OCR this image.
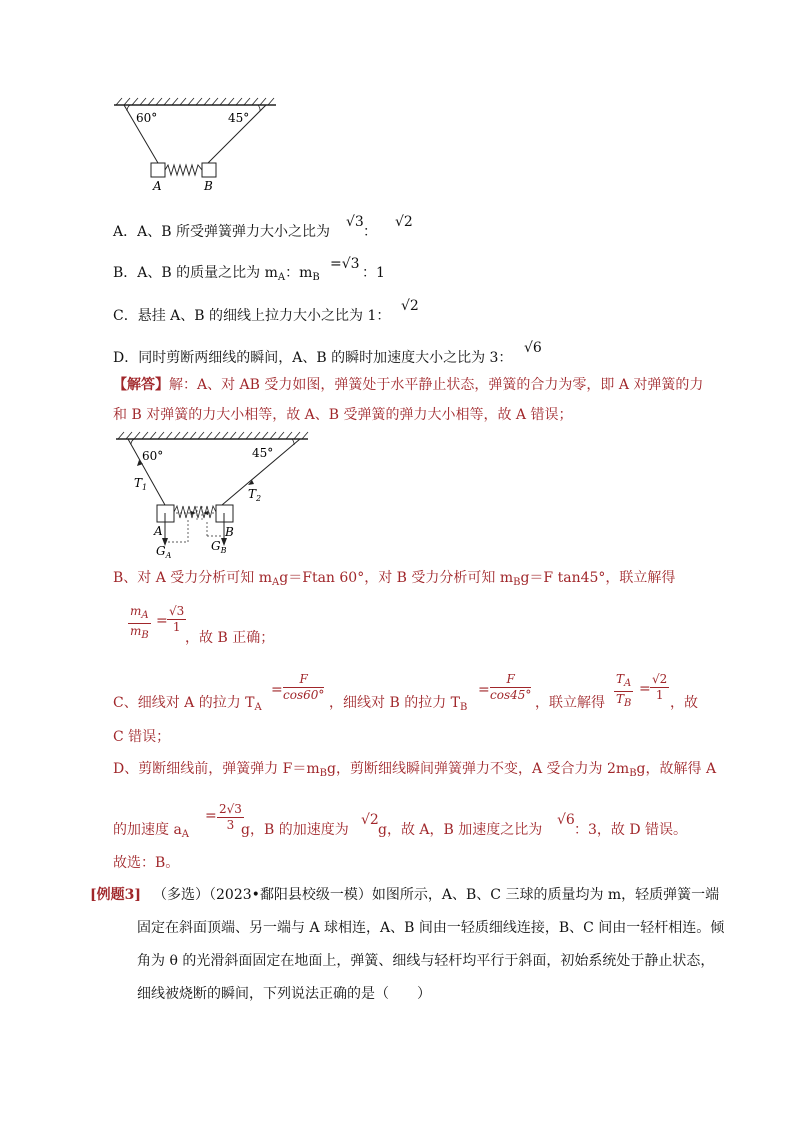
60°	45°
A	B
A．A、B 所受弹簧弹力大小之比为
√3
：
√2
B．A、B 的质量之比为 $m_A$：$m_B$
=√3
：1
C．悬挂 A、B 的细线上拉力大小之比为 1：
√2
D．同时剪断两细线的瞬间，A、B 的瞬时加速度大小之比为 3：
√6
【解答】解：A、对 AB 受力如图，弹簧处于水平静止状态，弹簧的合力为零，即 A 对弹簧的力
和 B 对弹簧的力大小相等，故 A、B 受弹簧的弹力大小相等，故 A 错误；
60°	45°
$T_1$	$T_2$
A	B
$G_A$
$G_B$
B、对 A 受力分析可知 $m_Ag=Ftan$ 60°，对 B 受力分析可知 $m_Bg=F$ tan45°，联立解得
$\frac{m_A}{m_B} = \frac{√3}{1}$
，故 B 正确；
C、细线对 A 的拉力 $T_A$
= $\frac{F}{\cos 60^\circ}$ ，细线对 B 的拉力 $T_B$
= $\frac{F}{\cos 45^\circ}$ ，联立解得 $\frac{T_A}{T_B} = \frac{√2}{1}$ ，故
C 错误；
D、剪断细线前，弹簧弹力 $F=m_Bg$，剪断细线瞬间弹簧弹力不变，A 受合力为 $2m_Bg$，故解得 A
的加速度 $a_A$
= $\frac{2√3}{3}$
g，B 的加速度为
√2
g，故 A，B 加速度之比为
√6
：3，故 D 错误。
故选：B。
[例题3] （多选）（2023•鄱阳县校级一模）如图所示，A、B、C 三球的质量均为 m，轻质弹簧一端
固定在斜面顶端、另一端与 A 球相连，A、B 间由一轻质细线连接，B、C 间由一轻杆相连。倾
角为 θ 的光滑斜面固定在地面上，弹簧、细线与轻杆均平行于斜面，初始系统处于静止状态，
细线被烧断的瞬间，下列说法正确的是（　　）
